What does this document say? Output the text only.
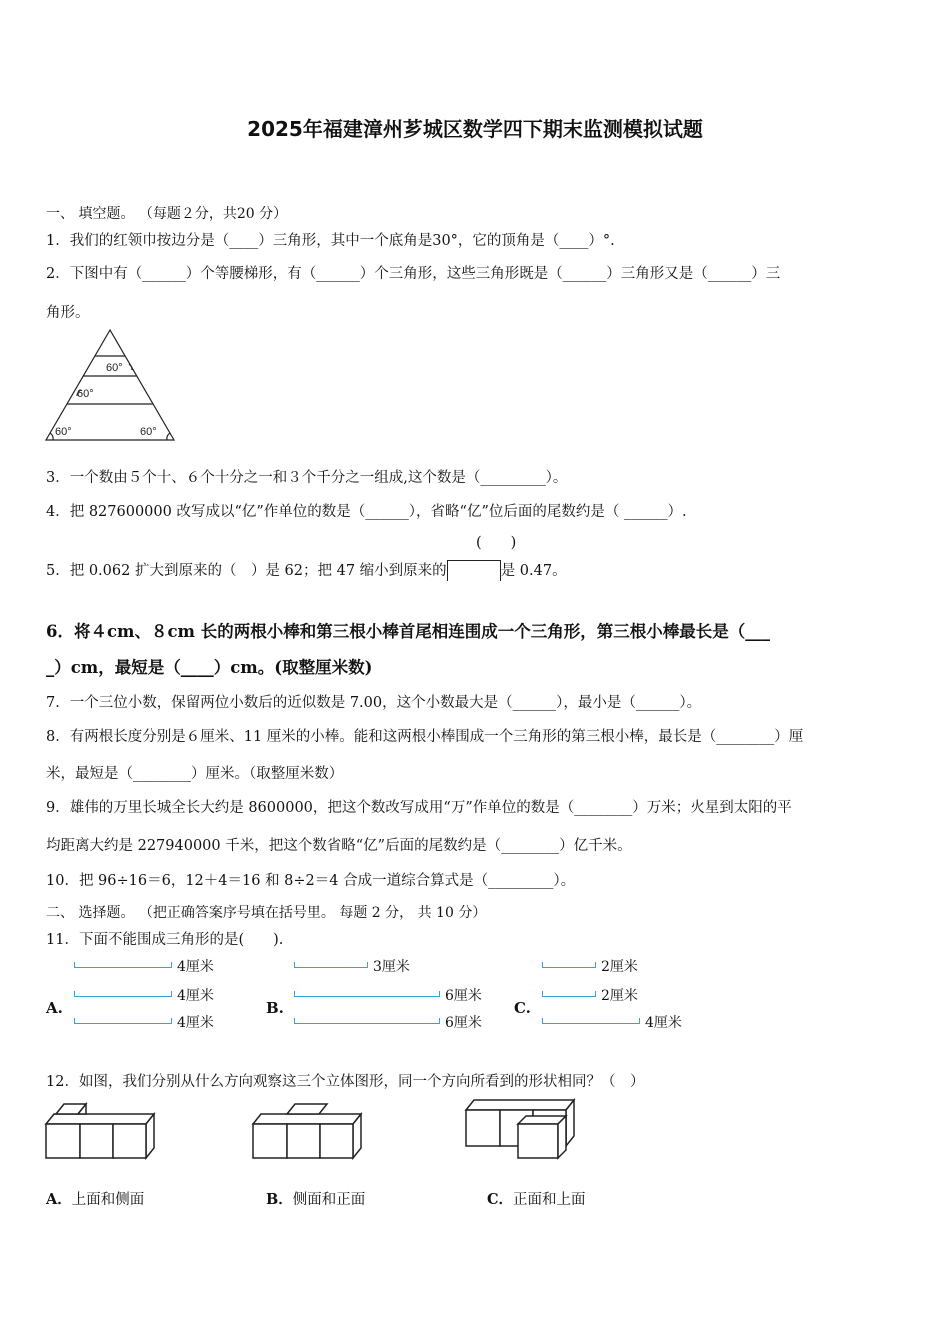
2025年福建漳州芗城区数学四下期末监测模拟试题
一、 填空题。 （每题２分，共20 分）
1．我们的红领巾按边分是（____）三角形，其中一个底角是30°，它的顶角是（____）°.
2．下图中有（______）个等腰梯形，有（______）个三角形，这些三角形既是（______）三角形又是（______）三
角形。
60°
60°
60°	60°
3．一个数由５个十、６个十分之一和３个千分之一组成,这个数是（_________）。
4．把 827600000 改写成以“亿”作单位的数是（______），省略“亿”位后面的尾数约是（ ______）.
(　　)
5．把 0.062 扩大到原来的（　）是 62；把 47 缩小到原来的	是 0.47。
6．将４cm、８cm 长的两根小棒和第三根小棒首尾相连围成一个三角形，第三根小棒最长是（___
_）cm，最短是（____）cm。(取整厘米数)
7．一个三位小数，保留两位小数后的近似数是 7.00，这个小数最大是（______），最小是（______）。
8．有两根长度分别是６厘米、11 厘米的小棒。能和这两根小棒围成一个三角形的第三根小棒，最长是（________）厘
米，最短是（________）厘米。（取整厘米数）
9．雄伟的万里长城全长大约是 8600000，把这个数改写成用“万”作单位的数是（________）万米；火星到太阳的平
均距离大约是 227940000 千米，把这个数省略“亿”后面的尾数约是（________）亿千米。
10．把 96÷16＝6，12＋4＝16 和 8÷2＝4 合成一道综合算式是（_________）。
二、 选择题。 （把正确答案序号填在括号里。 每题 2 分， 共 10 分）
11．下面不能围成三角形的是(　　).
A.
4厘米
4厘米
4厘米
B.
3厘米
6厘米
6厘米
C.
2厘米
2厘米
4厘米
12．如图，我们分别从什么方向观察这三个立体图形，同一个方向所看到的形状相同？（　）
A．上面和侧面	B．侧面和正面	C．正面和上面
